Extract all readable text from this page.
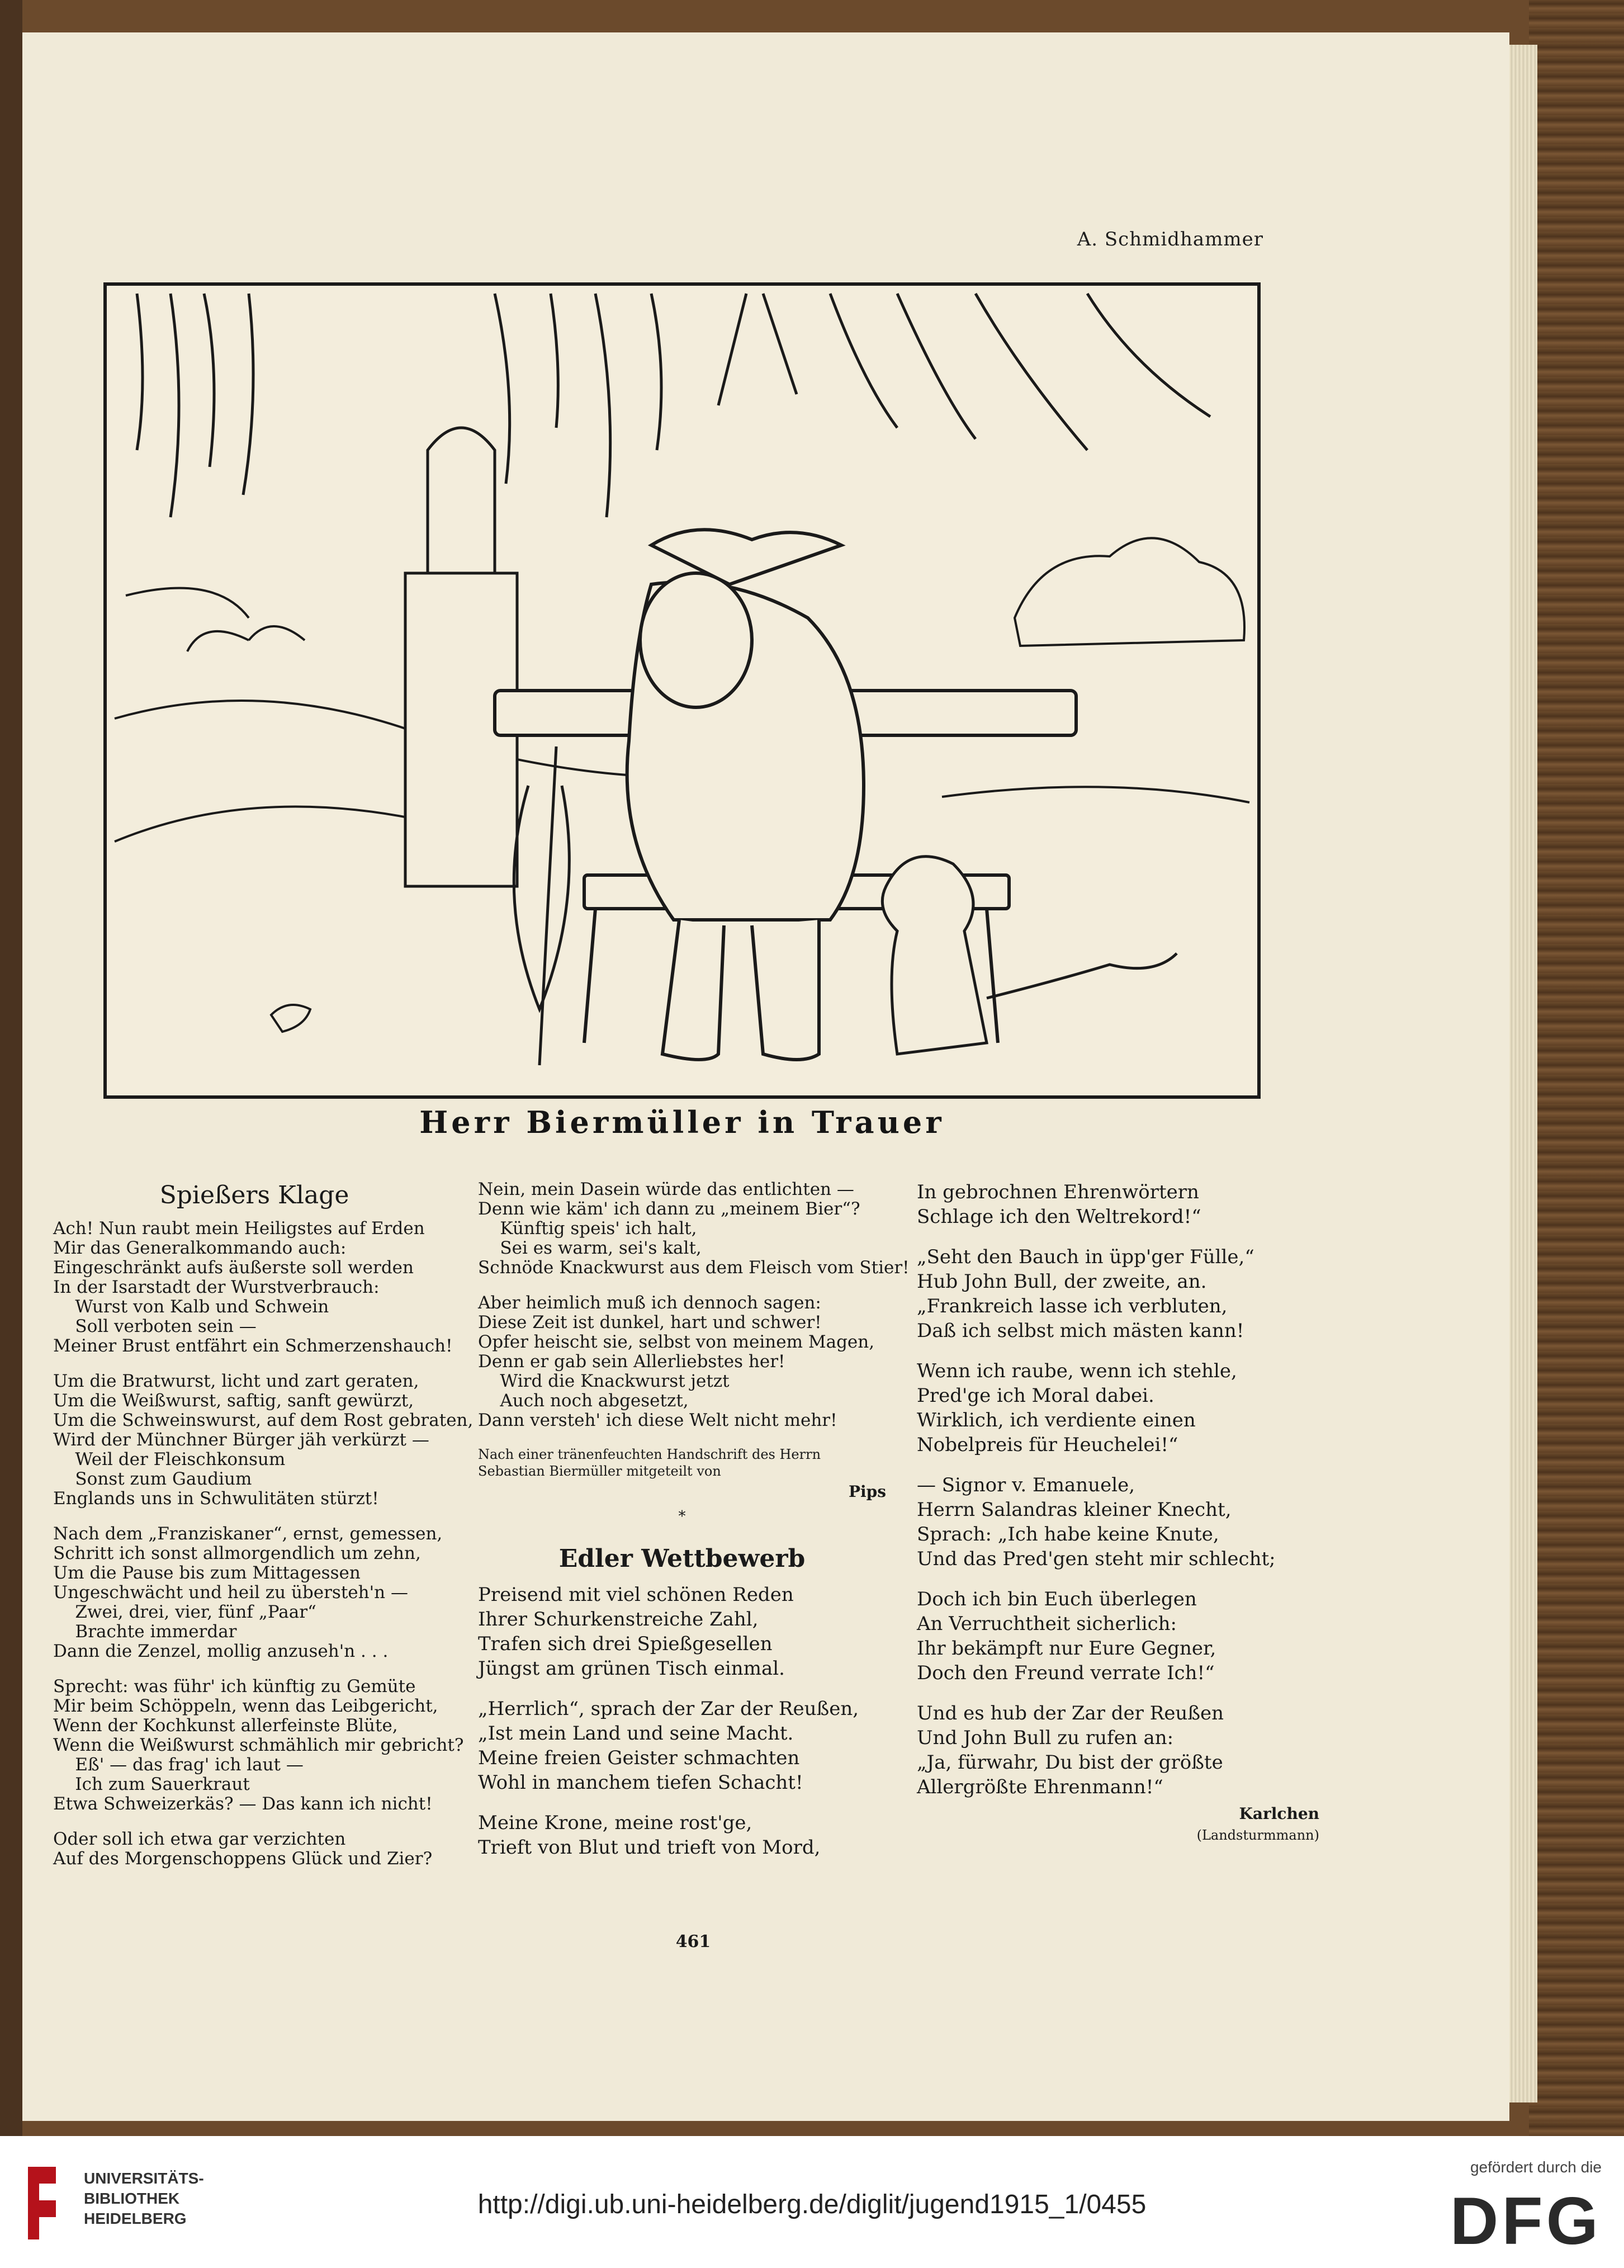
A. Schmidhammer
Herr Biermüller in Trauer
Spießers Klage

Ach! Nun raubt mein Heiligstes auf Erden

Mir das Generalkommando auch:

Eingeschränkt aufs äußerste soll werden

In der Isarstadt der Wurstverbrauch:

Wurst von Kalb und Schwein

Soll verboten sein —

Meiner Brust entfährt ein Schmerzenshauch!

Um die Bratwurst, licht und zart geraten,

Um die Weißwurst, saftig, sanft gewürzt,

Um die Schweinswurst, auf dem Rost gebraten,

Wird der Münchner Bürger jäh verkürzt —

Weil der Fleischkonsum

Sonst zum Gaudium

Englands uns in Schwulitäten stürzt!

Nach dem „Franziskaner“, ernst, gemessen,

Schritt ich sonst allmorgendlich um zehn,

Um die Pause bis zum Mittagessen

Ungeschwächt und heil zu übersteh'n —

Zwei, drei, vier, fünf „Paar“

Brachte immerdar

Dann die Zenzel, mollig anzuseh'n . . .

Sprecht: was führ' ich künftig zu Gemüte

Mir beim Schöppeln, wenn das Leibgericht,

Wenn der Kochkunst allerfeinste Blüte,

Wenn die Weißwurst schmählich mir gebricht?

Eß' — das frag' ich laut —

Ich zum Sauerkraut

Etwa Schweizerkäs? — Das kann ich nicht!

Oder soll ich etwa gar verzichten

Auf des Morgenschoppens Glück und Zier?

Nein, mein Dasein würde das entlichten —

Denn wie käm' ich dann zu „meinem Bier“?

Künftig speis' ich halt,

Sei es warm, sei's kalt,

Schnöde Knackwurst aus dem Fleisch vom Stier!

Aber heimlich muß ich dennoch sagen:

Diese Zeit ist dunkel, hart und schwer!

Opfer heischt sie, selbst von meinem Magen,

Denn er gab sein Allerliebstes her!

Wird die Knackwurst jetzt

Auch noch abgesetzt,

Dann versteh' ich diese Welt nicht mehr!

Nach einer tränenfeuchten Handschrift des Herrn Sebastian Biermüller mitgeteilt von
Pips
*
Edler Wettbewerb

Preisend mit viel schönen Reden

Ihrer Schurkenstreiche Zahl,

Trafen sich drei Spießgesellen

Jüngst am grünen Tisch einmal.

„Herrlich“, sprach der Zar der Reußen,

„Ist mein Land und seine Macht.

Meine freien Geister schmachten

Wohl in manchem tiefen Schacht!

Meine Krone, meine rost'ge,

Trieft von Blut und trieft von Mord,

In gebrochnen Ehrenwörtern

Schlage ich den Weltrekord!“

„Seht den Bauch in üpp'ger Fülle,“

Hub John Bull, der zweite, an.

„Frankreich lasse ich verbluten,

Daß ich selbst mich mästen kann!

Wenn ich raube, wenn ich stehle,

Pred'ge ich Moral dabei.

Wirklich, ich verdiente einen

Nobelpreis für Heuchelei!“

— Signor v. Emanuele,

Herrn Salandras kleiner Knecht,

Sprach: „Ich habe keine Knute,

Und das Pred'gen steht mir schlecht;

Doch ich bin Euch überlegen

An Verruchtheit sicherlich:

Ihr bekämpft nur Eure Gegner,

Doch den Freund verrate Ich!“

Und es hub der Zar der Reußen

Und John Bull zu rufen an:

„Ja, fürwahr, Du bist der größte

Allergrößte Ehrenmann!“

Karlchen
(Landsturmmann)
461
UNIVERSITÄTS-
BIBLIOTHEK
HEIDELBERG	http://digi.ub.uni-heidelberg.de/diglit/jugend1915_1/0455
gefördert durch die
DFG
